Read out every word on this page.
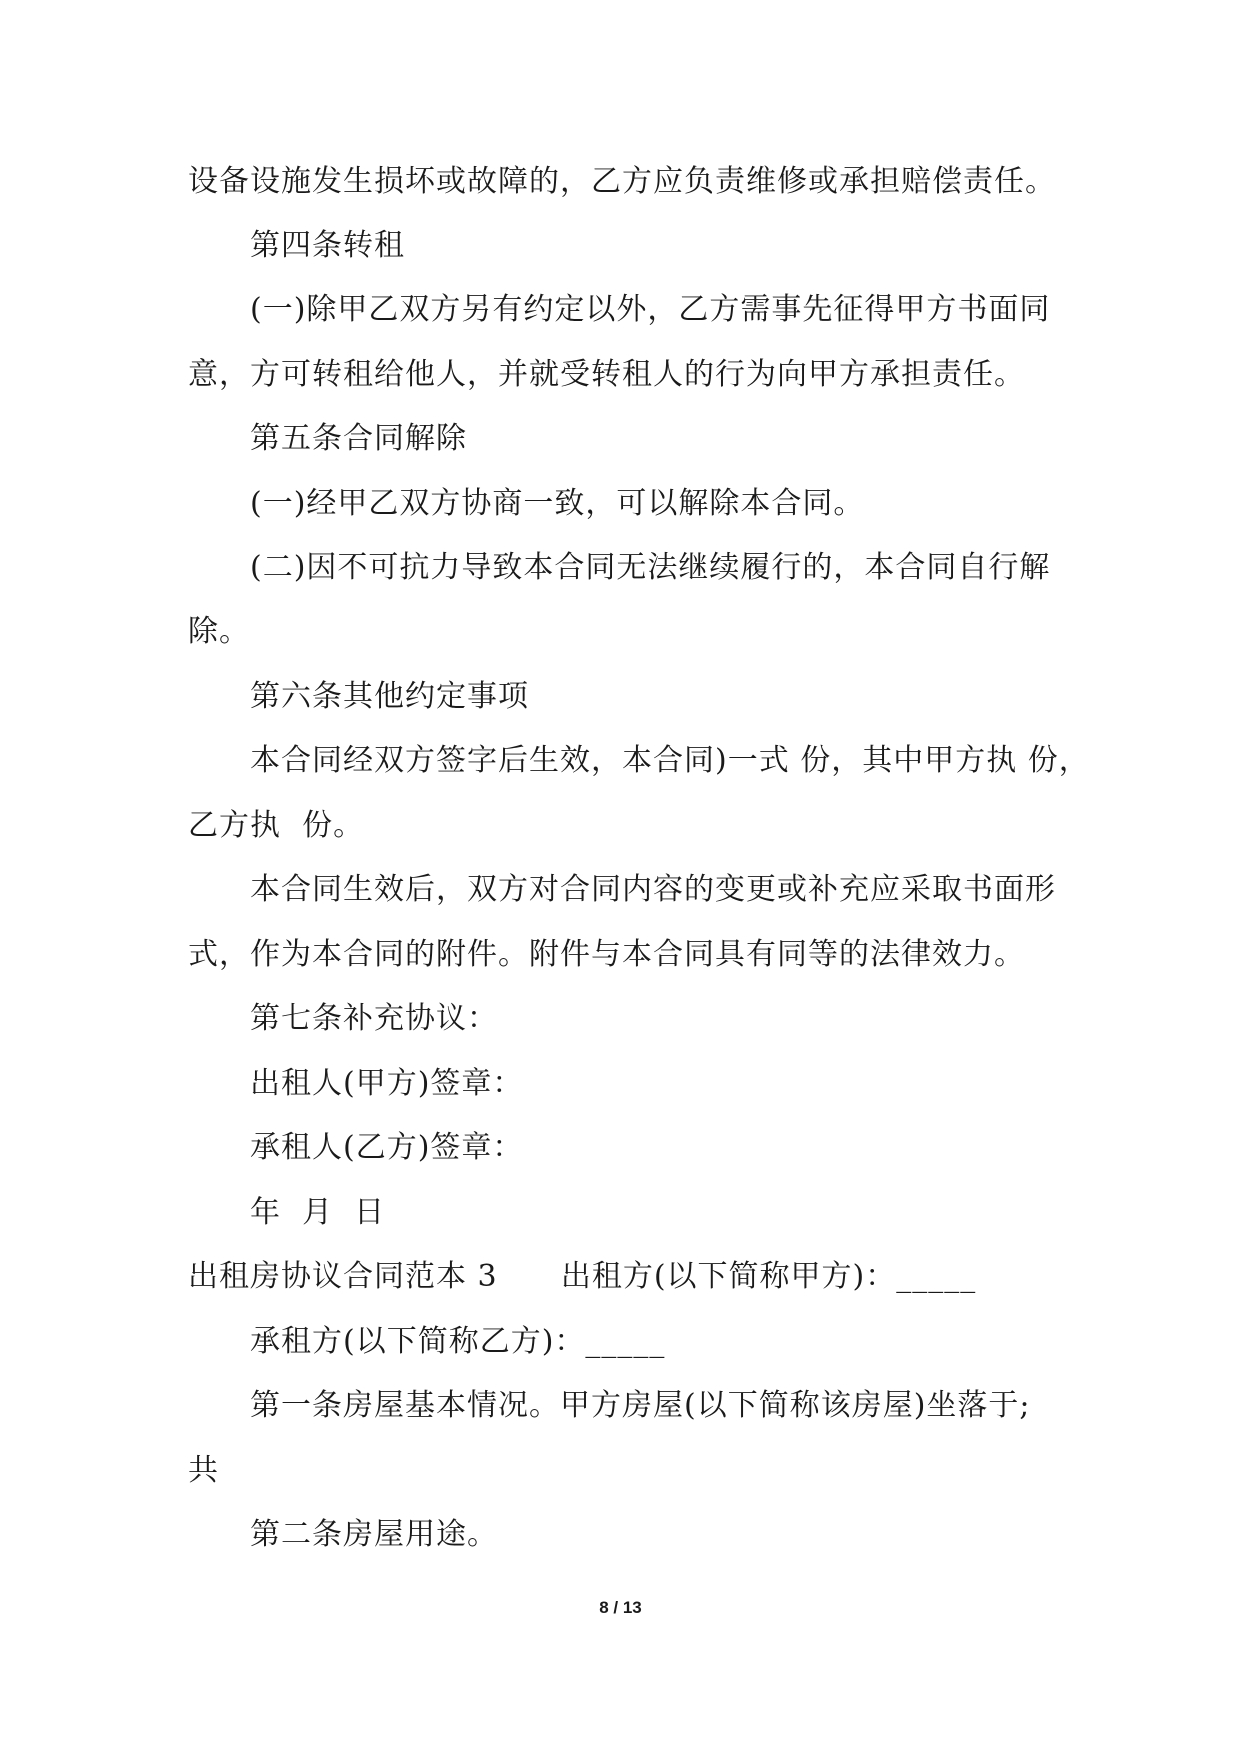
设备设施发生损坏或故障的，乙方应负责维修或承担赔偿责任。
第四条转租
(一)除甲乙双方另有约定以外，乙方需事先征得甲方书面同
意，方可转租给他人，并就受转租人的行为向甲方承担责任。
第五条合同解除
(一)经甲乙双方协商一致，可以解除本合同。
(二)因不可抗力导致本合同无法继续履行的，本合同自行解
除。
第六条其他约定事项
本合同经双方签字后生效，本合同)一式 份，其中甲方执 份，
乙方执  份。
本合同生效后，双方对合同内容的变更或补充应采取书面形
式，作为本合同的附件。附件与本合同具有同等的法律效力。
第七条补充协议：
出租人(甲方)签章：
承租人(乙方)签章：
年  月  日
出租房协议合同范本 3      出租方(以下简称甲方)：_____
承租方(以下简称乙方)：_____
第一条房屋基本情况。甲方房屋(以下简称该房屋)坐落于;
共
第二条房屋用途。
8 / 13
